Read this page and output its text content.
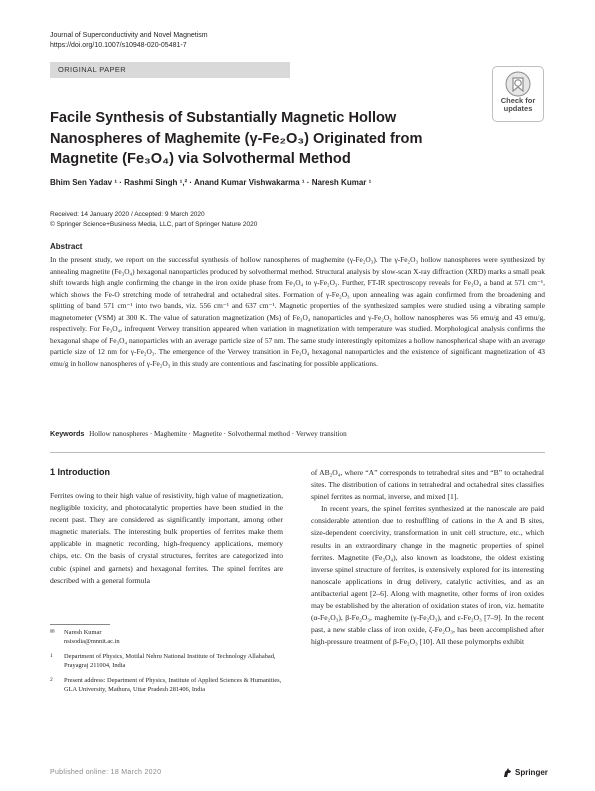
Journal of Superconductivity and Novel Magnetism
https://doi.org/10.1007/s10948-020-05481-7
ORIGINAL PAPER
Check for
updates
Facile Synthesis of Substantially Magnetic Hollow Nanospheres of Maghemite (γ-Fe₂O₃) Originated from Magnetite (Fe₃O₄) via Solvothermal Method
Bhim Sen Yadav ¹ · Rashmi Singh ¹,² · Anand Kumar Vishwakarma ¹ · Naresh Kumar ¹
Received: 14 January 2020 / Accepted: 9 March 2020
© Springer Science+Business Media, LLC, part of Springer Nature 2020
Abstract
In the present study, we report on the successful synthesis of hollow nanospheres of maghemite (γ-Fe₂O₃). The γ-Fe₂O₃ hollow nanospheres were synthesized by annealing magnetite (Fe₃O₄) hexagonal nanoparticles produced by solvothermal method. Structural analysis by slow-scan X-ray diffraction (XRD) marks a small peak shift towards high angle confirming the change in the iron oxide phase from Fe₃O₄ to γ-Fe₂O₃. Further, FT-IR spectroscopy reveals for Fe₃O₄ a band at 571 cm⁻¹, which shows the Fe-O stretching mode of tetrahedral and octahedral sites. Formation of γ-Fe₂O₃ upon annealing was again confirmed from the broadening and splitting of band 571 cm⁻¹ into two bands, viz. 556 cm⁻¹ and 637 cm⁻¹. Magnetic properties of the synthesized samples were studied using a vibrating sample magnetometer (VSM) at 300 K. The value of saturation magnetization (Ms) of Fe₃O₄ nanoparticles and γ-Fe₂O₃ hollow nanospheres was 56 emu/g and 43 emu/g, respectively. For Fe₃O₄, infrequent Verwey transition appeared when variation in magnetization with temperature was studied. Morphological analysis confirms the hexagonal shape of Fe₃O₄ nanoparticles with an average particle size of 57 nm. The same study interestingly epitomizes a hollow nanospherical shape with an average particle size of 12 nm for γ-Fe₂O₃. The emergence of the Verwey transition in Fe₃O₄ hexagonal nanoparticles and the existence of significant magnetization of 43 emu/g in hollow nanospheres of γ-Fe₂O₃ in this study are contentious and fascinating for possible applications.
Keywords Hollow nanospheres · Maghemite · Magnetite · Solvothermal method · Verwey transition
1 Introduction

Ferrites owing to their high value of resistivity, high value of magnetization, negligible toxicity, and photocatalytic properties have been studied in the recent past. They are considered as significantly important, among other magnetic materials. The interesting bulk properties of ferrites make them applicable in magnetic recording, high-frequency applications, memory chips, etc. On the basis of crystal structures, ferrites are categorized into cubic (spinel and garnets) and hexagonal ferrites. The spinel ferrites are described with a general formula

of AB₂O₄, where “A” corresponds to tetrahedral sites and “B” to octahedral sites. The distribution of cations in tetrahedral and octahedral sites classifies spinel ferrites as normal, inverse, and mixed [1].

In recent years, the spinel ferrites synthesized at the nanoscale are paid considerable attention due to reshuffling of cations in the A and B sites, size-dependent coercivity, transformation in unit cell structure, etc., which results in an extraordinary change in the magnetic properties of spinel ferrites. Magnetite (Fe₃O₄), also known as loadstone, the oldest existing inverse spinel structure of ferrites, is extensively explored for its interesting nanoscale applications in drug delivery, catalytic activities, and as an antibacterial agent [2–6]. Along with magnetite, other forms of iron oxides may be established by the alteration of oxidation states of iron, viz. hematite (α-Fe₂O₃), β-Fe₂O₃, maghemite (γ-Fe₂O₃), and ε-Fe₂O₃ [7–9]. In the recent past, a new stable class of iron oxide, ζ-Fe₂O₃, has been accomplished after high-pressure treatment of β-Fe₂O₃ [10]. All these polymorphs exhibit

✉ Naresh Kumar
nsisodia@mnnit.ac.in
1 Department of Physics, Motilal Nehru National Institute of Technology Allahabad, Prayagraj 211004, India
2 Present address: Department of Physics, Institute of Applied Sciences & Humanities, GLA University, Mathura, Uttar Pradesh 281406, India
Published online: 18 March 2020	Springer
